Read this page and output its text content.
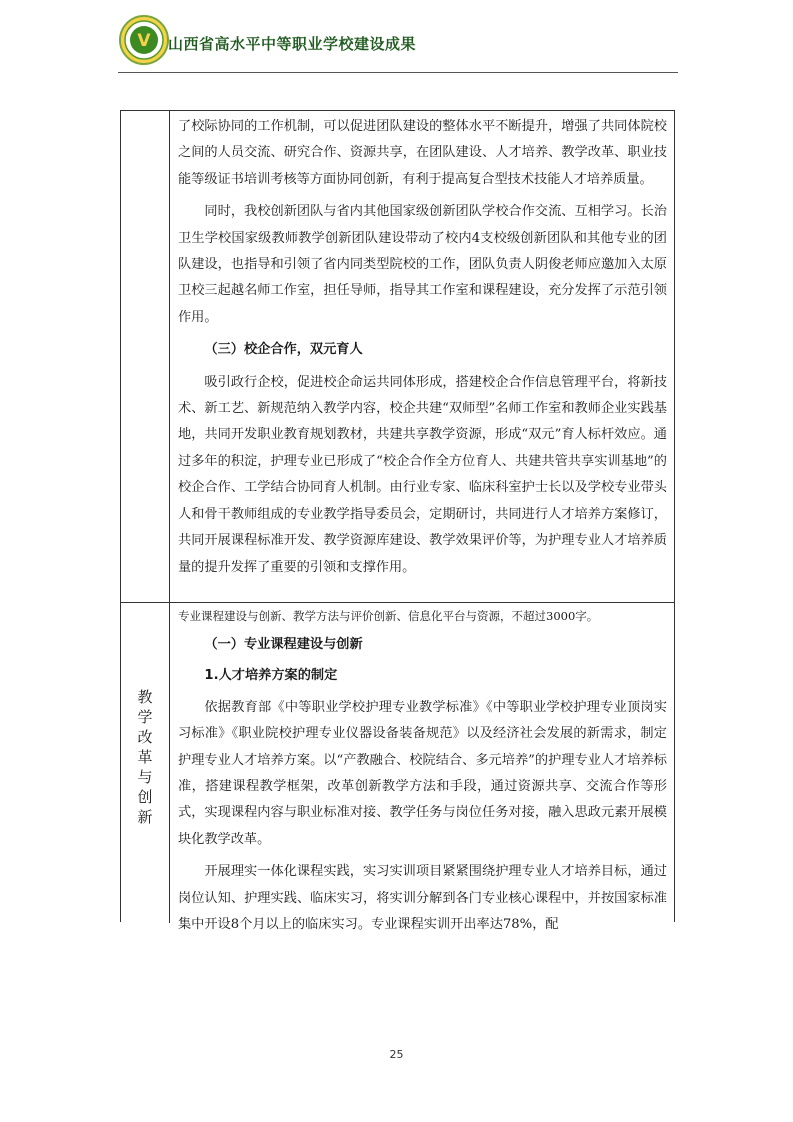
V 山西省高水平中等职业学校建设成果

了校际协同的工作机制，可以促进团队建设的整体水平不断提升，增强了共同体院校之间的人员交流、研究合作、资源共享，在团队建设、人才培养、教学改革、职业技能等级证书培训考核等方面协同创新，有利于提高复合型技术技能人才培养质量。

同时，我校创新团队与省内其他国家级创新团队学校合作交流、互相学习。长治卫生学校国家级教师教学创新团队建设带动了校内4支校级创新团队和其他专业的团队建设，也指导和引领了省内同类型院校的工作，团队负责人阴俊老师应邀加入太原卫校三起越名师工作室，担任导师，指导其工作室和课程建设，充分发挥了示范引领作用。

（三）校企合作，双元育人

吸引政行企校，促进校企命运共同体形成，搭建校企合作信息管理平台，将新技术、新工艺、新规范纳入教学内容，校企共建“双师型”名师工作室和教师企业实践基地，共同开发职业教育规划教材，共建共享教学资源，形成“双元”育人标杆效应。通过多年的积淀，护理专业已形成了“校企合作全方位育人、共建共管共享实训基地”的校企合作、工学结合协同育人机制。由行业专家、临床科室护士长以及学校专业带头人和骨干教师组成的专业教学指导委员会，定期研讨，共同进行人才培养方案修订，共同开展课程标准开发、教学资源库建设、教学效果评价等，为护理专业人才培养质量的提升发挥了重要的引领和支撑作用。

教
学
改
革
与
创
新

专业课程建设与创新、教学方法与评价创新、信息化平台与资源，不超过3000字。

（一）专业课程建设与创新

1.人才培养方案的制定

依据教育部《中等职业学校护理专业教学标准》《中等职业学校护理专业顶岗实习标准》《职业院校护理专业仪器设备装备规范》以及经济社会发展的新需求，制定护理专业人才培养方案。以“产教融合、校院结合、多元培养”的护理专业人才培养标准，搭建课程教学框架，改革创新教学方法和手段，通过资源共享、交流合作等形式，实现课程内容与职业标准对接、教学任务与岗位任务对接，融入思政元素开展模块化教学改革。

开展理实一体化课程实践，实习实训项目紧紧围绕护理专业人才培养目标，通过岗位认知、护理实践、临床实习，将实训分解到各门专业核心课程中，并按国家标准集中开设8个月以上的临床实习。专业课程实训开出率达78%，配

25
